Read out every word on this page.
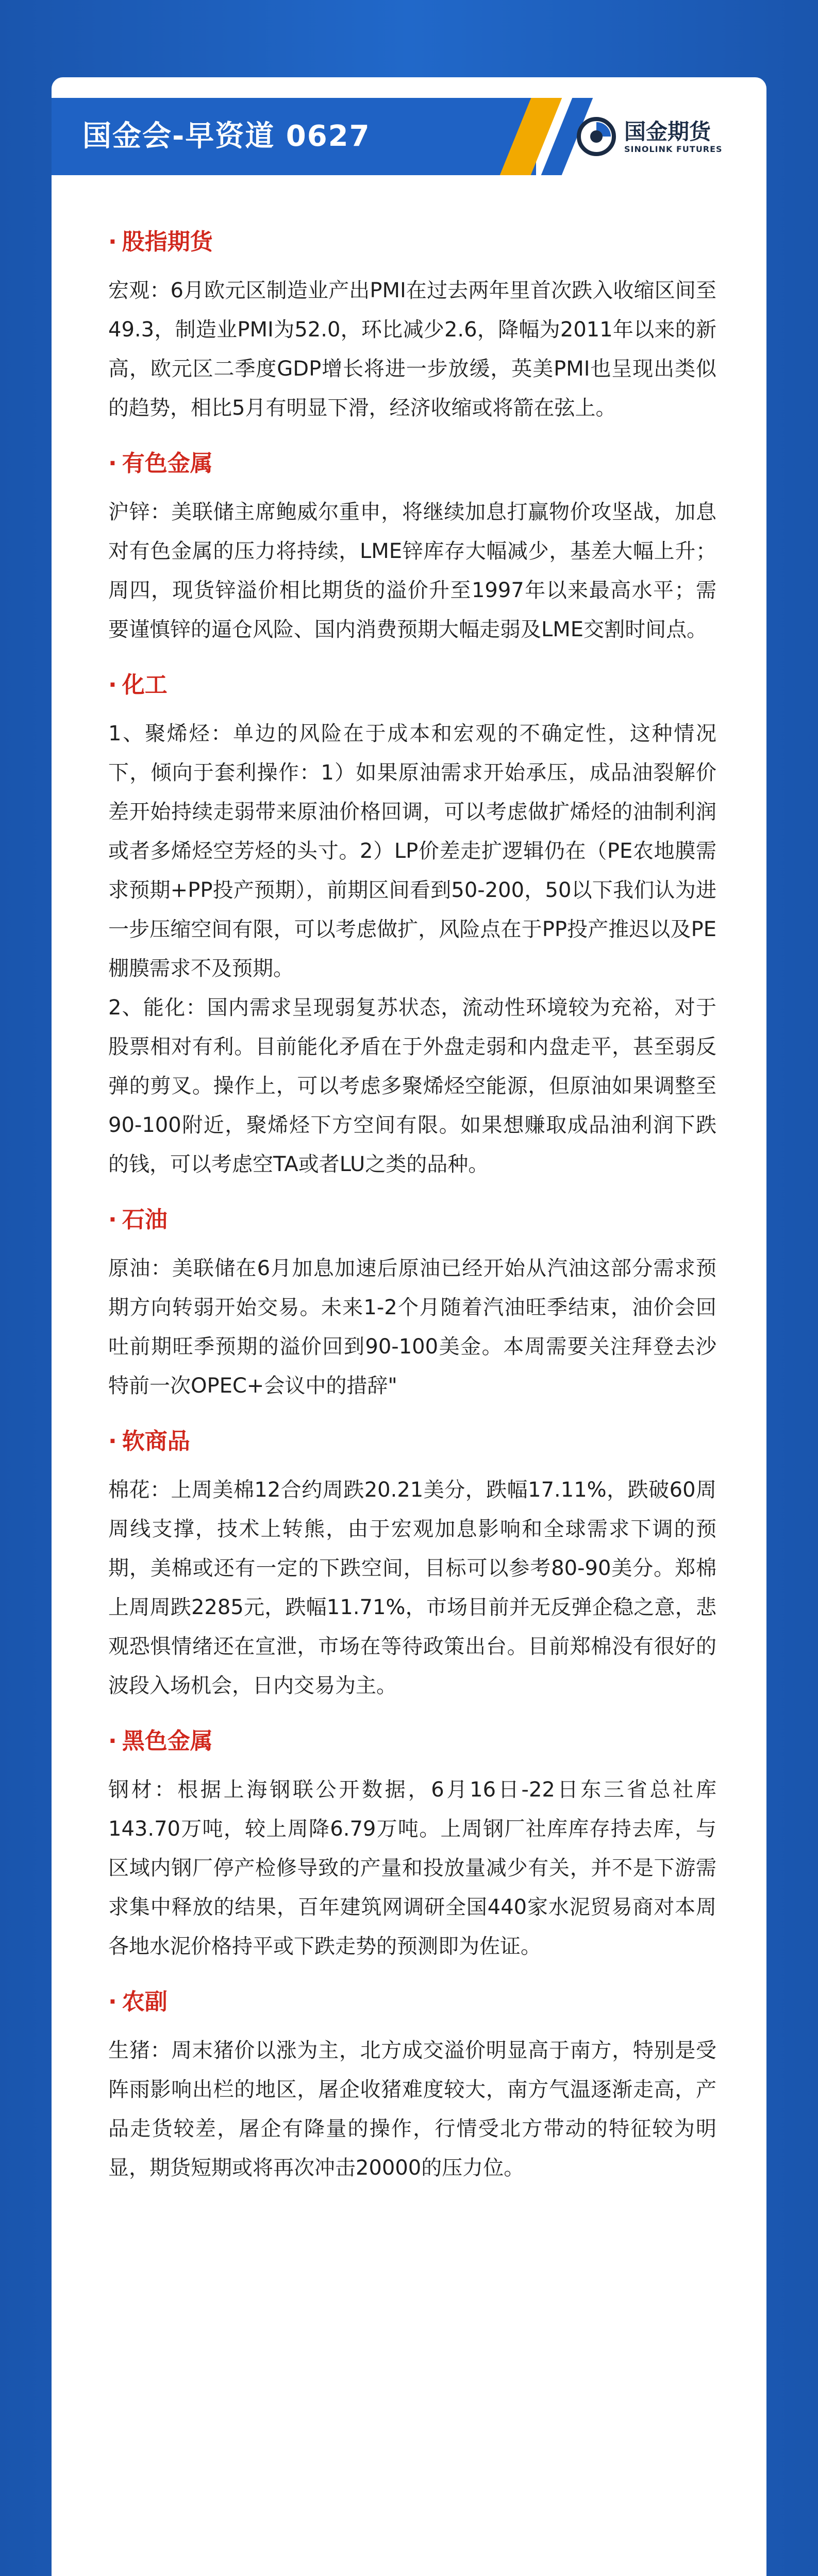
国金会-早资道 0627	国金期货
SINOLINK FUTURES
· 股指期货

宏观：6月欧元区制造业产出PMI在过去两年里首次跌入收缩区间至49.3，制造业PMI为52.0，环比减少2.6，降幅为2011年以来的新高，欧元区二季度GDP增长将进一步放缓，英美PMI也呈现出类似的趋势，相比5月有明显下滑，经济收缩或将箭在弦上。

· 有色金属

沪锌：美联储主席鲍威尔重申，将继续加息打赢物价攻坚战，加息对有色金属的压力将持续，LME锌库存大幅减少，基差大幅上升；周四，现货锌溢价相比期货的溢价升至1997年以来最高水平；需要谨慎锌的逼仓风险、国内消费预期大幅走弱及LME交割时间点。

· 化工

1、聚烯烃：单边的风险在于成本和宏观的不确定性，这种情况下，倾向于套利操作：1）如果原油需求开始承压，成品油裂解价差开始持续走弱带来原油价格回调，可以考虑做扩烯烃的油制利润或者多烯烃空芳烃的头寸。2）LP价差走扩逻辑仍在（PE农地膜需求预期+PP投产预期），前期区间看到50-200，50以下我们认为进一步压缩空间有限，可以考虑做扩，风险点在于PP投产推迟以及PE棚膜需求不及预期。

2、能化：国内需求呈现弱复苏状态，流动性环境较为充裕，对于股票相对有利。目前能化矛盾在于外盘走弱和内盘走平，甚至弱反弹的剪叉。操作上，可以考虑多聚烯烃空能源，但原油如果调整至90-100附近，聚烯烃下方空间有限。如果想赚取成品油利润下跌的钱，可以考虑空TA或者LU之类的品种。

· 石油

原油：美联储在6月加息加速后原油已经开始从汽油这部分需求预期方向转弱开始交易。未来1-2个月随着汽油旺季结束，油价会回吐前期旺季预期的溢价回到90-100美金。本周需要关注拜登去沙特前一次OPEC+会议中的措辞"

· 软商品

棉花：上周美棉12合约周跌20.21美分，跌幅17.11%，跌破60周周线支撑，技术上转熊，由于宏观加息影响和全球需求下调的预期，美棉或还有一定的下跌空间，目标可以参考80-90美分。郑棉上周周跌2285元，跌幅11.71%，市场目前并无反弹企稳之意，悲观恐惧情绪还在宣泄，市场在等待政策出台。目前郑棉没有很好的波段入场机会，日内交易为主。

· 黑色金属

钢材：根据上海钢联公开数据，6月16日-22日东三省总社库143.70万吨，较上周降6.79万吨。上周钢厂社库库存持去库，与区域内钢厂停产检修导致的产量和投放量减少有关，并不是下游需求集中释放的结果，百年建筑网调研全国440家水泥贸易商对本周各地水泥价格持平或下跌走势的预测即为佐证。

· 农副

生猪：周末猪价以涨为主，北方成交溢价明显高于南方，特别是受阵雨影响出栏的地区，屠企收猪难度较大，南方气温逐渐走高，产品走货较差，屠企有降量的操作，行情受北方带动的特征较为明显，期货短期或将再次冲击20000的压力位。
